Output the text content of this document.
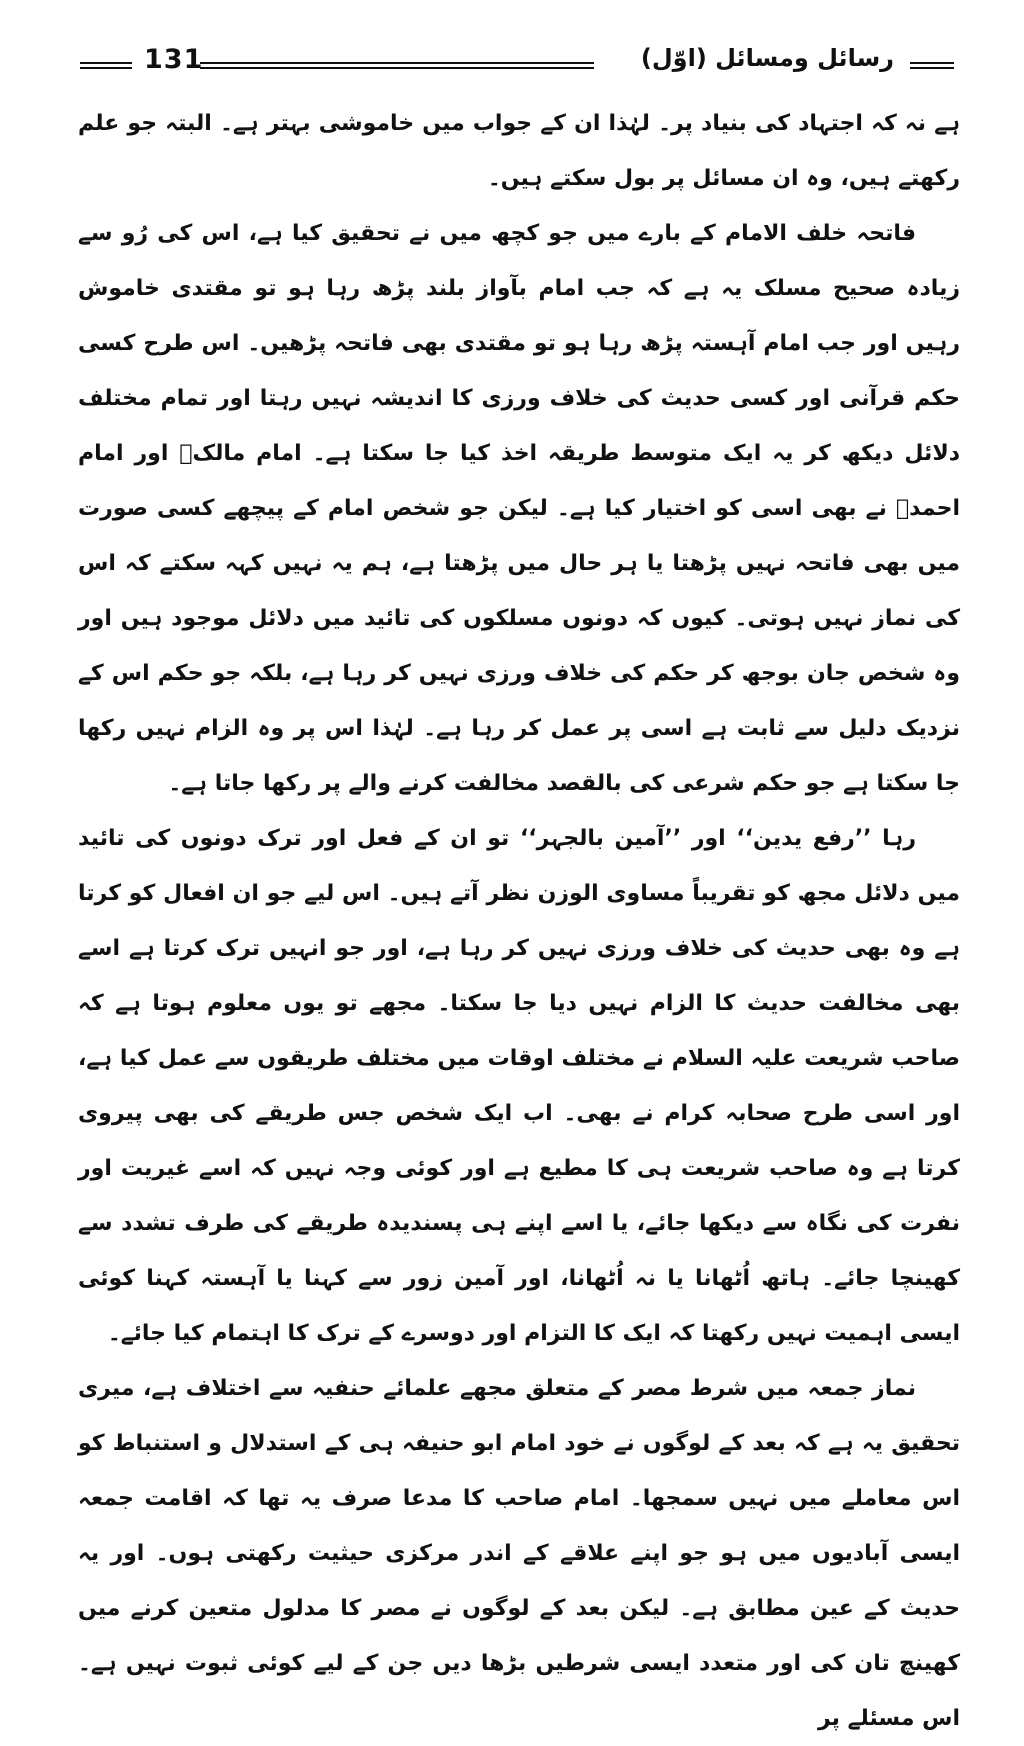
131	رسائل ومسائل (اوّل)

ہے نہ کہ اجتہاد کی بنیاد پر۔ لہٰذا ان کے جواب میں خاموشی بہتر ہے۔ البتہ جو علم رکھتے ہیں، وہ ان مسائل پر بول سکتے ہیں۔

فاتحہ خلف الامام کے بارے میں جو کچھ میں نے تحقیق کیا ہے، اس کی رُو سے زیادہ صحیح مسلک یہ ہے کہ جب امام بآواز بلند پڑھ رہا ہو تو مقتدی خاموش رہیں اور جب امام آہستہ پڑھ رہا ہو تو مقتدی بھی فاتحہ پڑھیں۔ اس طرح کسی حکم قرآنی اور کسی حدیث کی خلاف ورزی کا اندیشہ نہیں رہتا اور تمام مختلف دلائل دیکھ کر یہ ایک متوسط طریقہ اخذ کیا جا سکتا ہے۔ امام مالکؒ اور امام احمدؒ نے بھی اسی کو اختیار کیا ہے۔ لیکن جو شخص امام کے پیچھے کسی صورت میں بھی فاتحہ نہیں پڑھتا یا ہر حال میں پڑھتا ہے، ہم یہ نہیں کہہ سکتے کہ اس کی نماز نہیں ہوتی۔ کیوں کہ دونوں مسلکوں کی تائید میں دلائل موجود ہیں اور وہ شخص جان بوجھ کر حکم کی خلاف ورزی نہیں کر رہا ہے، بلکہ جو حکم اس کے نزدیک دلیل سے ثابت ہے اسی پر عمل کر رہا ہے۔ لہٰذا اس پر وہ الزام نہیں رکھا جا سکتا ہے جو حکم شرعی کی بالقصد مخالفت کرنے والے پر رکھا جاتا ہے۔

رہا ’’رفع یدین‘‘ اور ’’آمین بالجہر‘‘ تو ان کے فعل اور ترک دونوں کی تائید میں دلائل مجھ کو تقریباً مساوی الوزن نظر آتے ہیں۔ اس لیے جو ان افعال کو کرتا ہے وہ بھی حدیث کی خلاف ورزی نہیں کر رہا ہے، اور جو انہیں ترک کرتا ہے اسے بھی مخالفت حدیث کا الزام نہیں دیا جا سکتا۔ مجھے تو یوں معلوم ہوتا ہے کہ صاحب شریعت علیہ السلام نے مختلف اوقات میں مختلف طریقوں سے عمل کیا ہے، اور اسی طرح صحابہ کرام نے بھی۔ اب ایک شخص جس طریقے کی بھی پیروی کرتا ہے وہ صاحب شریعت ہی کا مطیع ہے اور کوئی وجہ نہیں کہ اسے غیریت اور نفرت کی نگاہ سے دیکھا جائے، یا اسے اپنے ہی پسندیدہ طریقے کی طرف تشدد سے کھینچا جائے۔ ہاتھ اُٹھانا یا نہ اُٹھانا، اور آمین زور سے کہنا یا آہستہ کہنا کوئی ایسی اہمیت نہیں رکھتا کہ ایک کا التزام اور دوسرے کے ترک کا اہتمام کیا جائے۔

نماز جمعہ میں شرط مصر کے متعلق مجھے علمائے حنفیہ سے اختلاف ہے، میری تحقیق یہ ہے کہ بعد کے لوگوں نے خود امام ابو حنیفہ ہی کے استدلال و استنباط کو اس معاملے میں نہیں سمجھا۔ امام صاحب کا مدعا صرف یہ تھا کہ اقامت جمعہ ایسی آبادیوں میں ہو جو اپنے علاقے کے اندر مرکزی حیثیت رکھتی ہوں۔ اور یہ حدیث کے عین مطابق ہے۔ لیکن بعد کے لوگوں نے مصر کا مدلول متعین کرنے میں کھینچ تان کی اور متعدد ایسی شرطیں بڑھا دیں جن کے لیے کوئی ثبوت نہیں ہے۔ اس مسئلے پر
